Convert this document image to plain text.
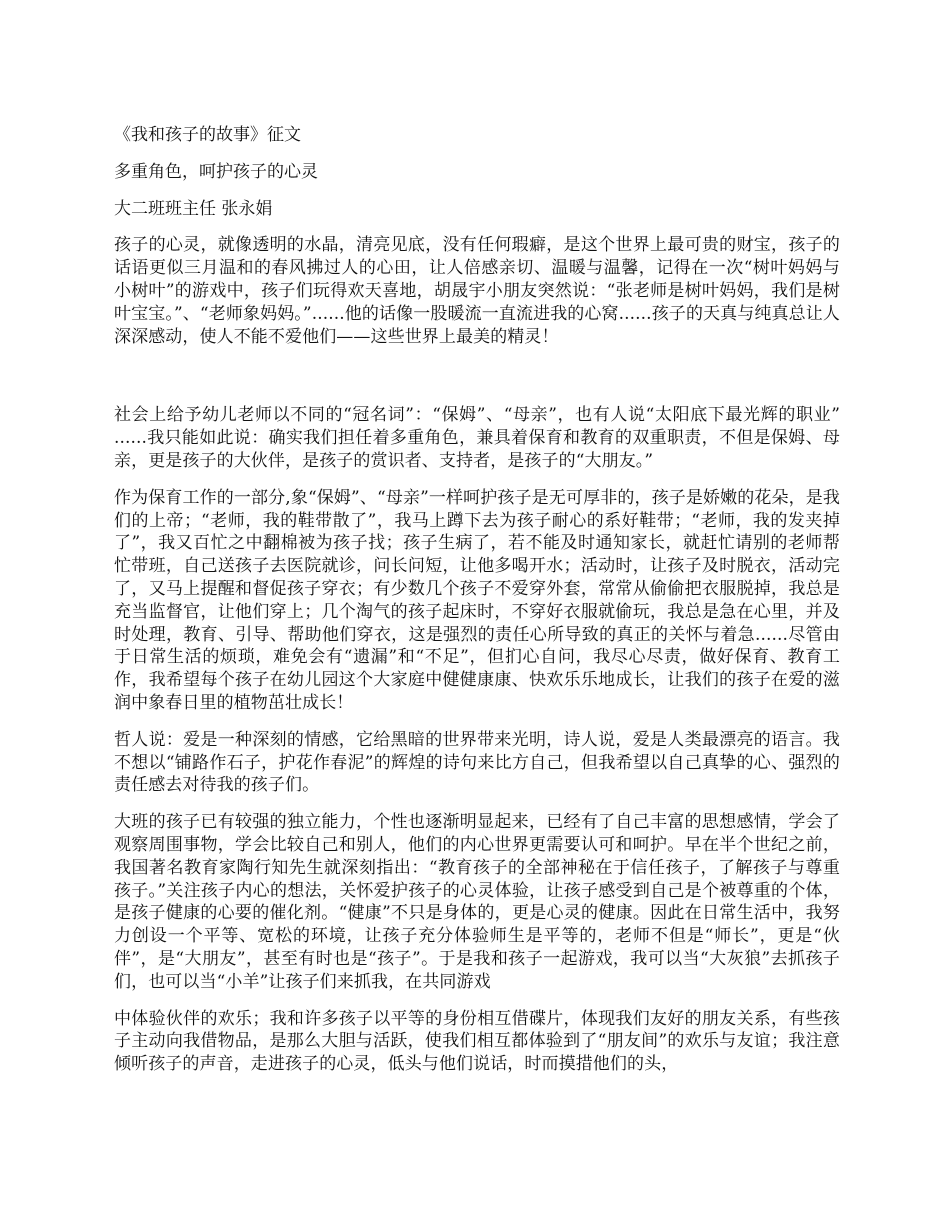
《我和孩子的故事》征文
多重角色，呵护孩子的心灵
大二班班主任 张永娟
孩子的心灵，就像透明的水晶，清亮见底，没有任何瑕癖，是这个世界上最可贵的财宝，孩子的话语更似三月温和的春风拂过人的心田，让人倍感亲切、温暖与温馨，记得在一次“树叶妈妈与小树叶”的游戏中，孩子们玩得欢天喜地，胡晟宇小朋友突然说：“张老师是树叶妈妈，我们是树叶宝宝。”、“老师象妈妈。”......他的话像一股暖流一直流进我的心窝......孩子的天真与纯真总让人深深感动，使人不能不爱他们——这些世界上最美的精灵！
社会上给予幼儿老师以不同的“冠名词”：“保姆”、“母亲”，也有人说“太阳底下最光辉的职业” ......我只能如此说：确实我们担任着多重角色，兼具着保育和教育的双重职责，不但是保姆、母亲，更是孩子的大伙伴，是孩子的赏识者、支持者，是孩子的“大朋友。”
作为保育工作的一部分,象“保姆”、“母亲”一样呵护孩子是无可厚非的，孩子是娇嫩的花朵，是我们的上帝；“老师，我的鞋带散了”，我马上蹲下去为孩子耐心的系好鞋带；“老师，我的发夹掉了”，我又百忙之中翻棉被为孩子找；孩子生病了，若不能及时通知家长，就赶忙请别的老师帮忙带班，自己送孩子去医院就诊，问长问短，让他多喝开水；活动时，让孩子及时脱衣，活动完了，又马上提醒和督促孩子穿衣；有少数几个孩子不爱穿外套，常常从偷偷把衣服脱掉，我总是充当监督官，让他们穿上；几个淘气的孩子起床时，不穿好衣服就偷玩，我总是急在心里，并及时处理，教育、引导、帮助他们穿衣，这是强烈的责任心所导致的真正的关怀与着急......尽管由于日常生活的烦琐，难免会有“遗漏”和“不足”，但扪心自问，我尽心尽责，做好保育、教育工作，我希望每个孩子在幼儿园这个大家庭中健健康康、快欢乐乐地成长，让我们的孩子在爱的滋润中象春日里的植物茁壮成长！
哲人说：爱是一种深刻的情感，它给黑暗的世界带来光明，诗人说，爱是人类最漂亮的语言。我不想以“铺路作石子，护花作春泥”的辉煌的诗句来比方自己，但我希望以自己真挚的心、强烈的责任感去对待我的孩子们。
大班的孩子已有较强的独立能力，个性也逐渐明显起来，已经有了自己丰富的思想感情，学会了观察周围事物，学会比较自己和别人，他们的内心世界更需要认可和呵护。早在半个世纪之前，我国著名教育家陶行知先生就深刻指出：“教育孩子的全部神秘在于信任孩子，了解孩子与尊重孩子。”关注孩子内心的想法，关怀爱护孩子的心灵体验，让孩子感受到自己是个被尊重的个体，是孩子健康的心要的催化剂。“健康”不只是身体的，更是心灵的健康。因此在日常生活中，我努力创设一个平等、宽松的环境，让孩子充分体验师生是平等的，老师不但是“师长”，更是“伙伴”，是“大朋友”，甚至有时也是“孩子”。于是我和孩子一起游戏，我可以当“大灰狼”去抓孩子们，也可以当“小羊”让孩子们来抓我，在共同游戏
中体验伙伴的欢乐；我和许多孩子以平等的身份相互借碟片，体现我们友好的朋友关系，有些孩子主动向我借物品，是那么大胆与活跃，使我们相互都体验到了“朋友间”的欢乐与友谊；我注意倾听孩子的声音，走进孩子的心灵，低头与他们说话，时而摸措他们的头，
